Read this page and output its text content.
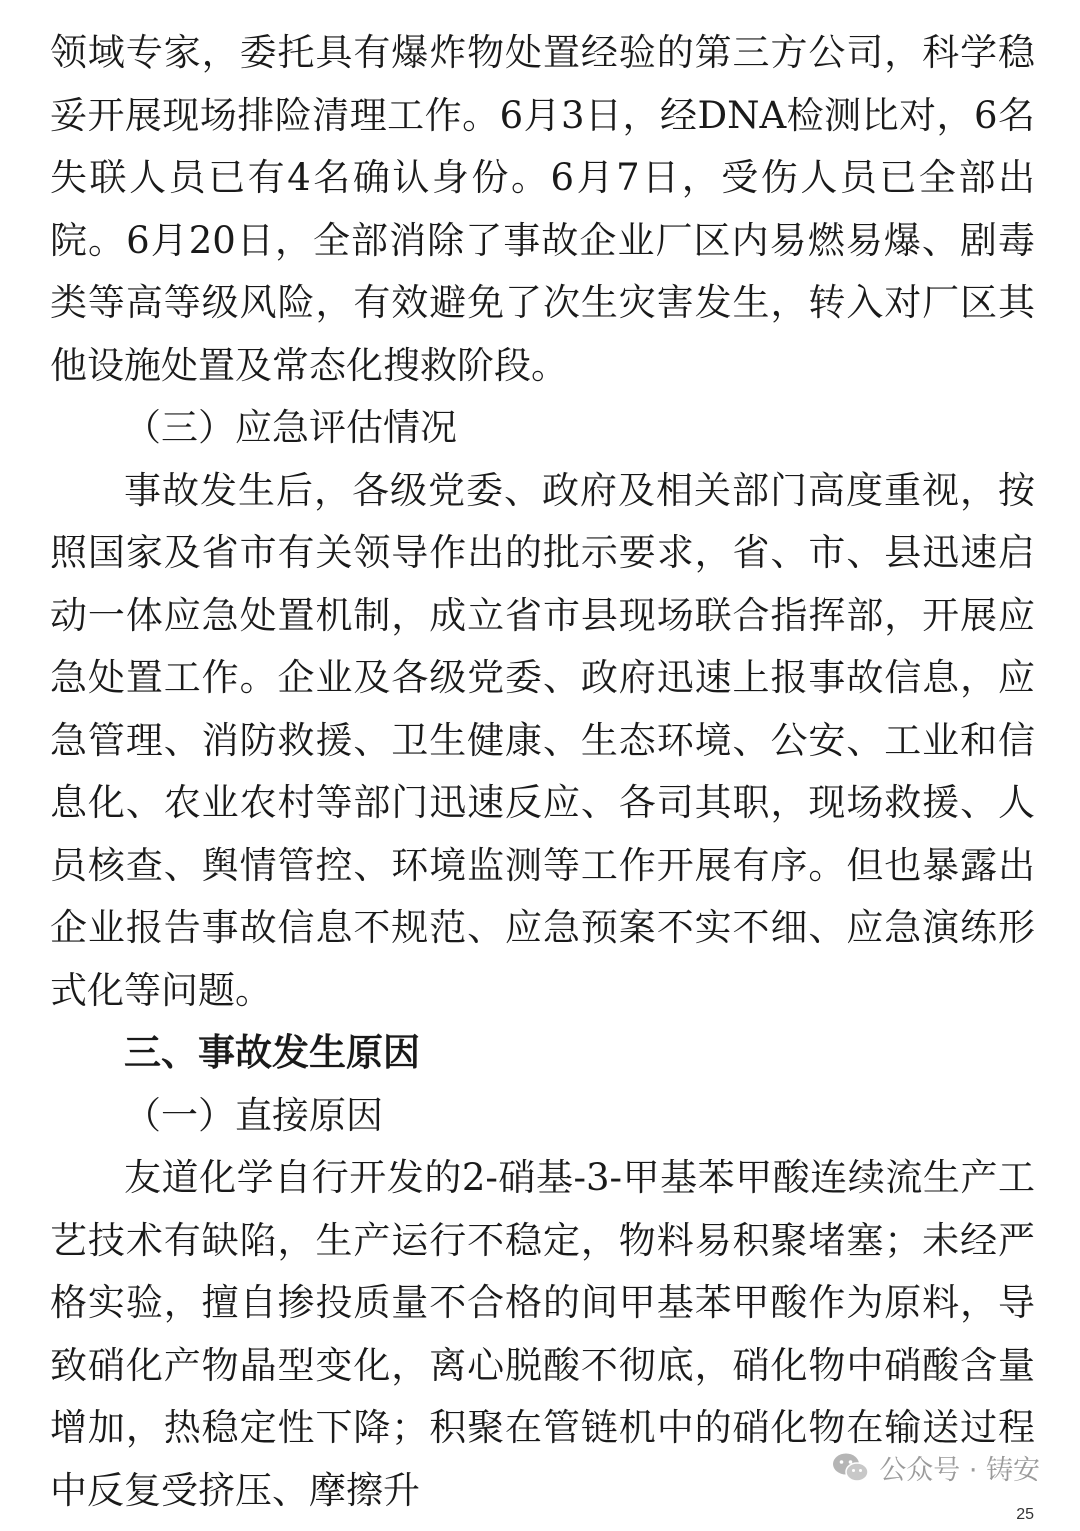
领域专家，委托具有爆炸物处置经验的第三方公司，科学稳妥开展现场排险清理工作。6月3日，经DNA检测比对，6名失联人员已有4名确认身份。6月7日，受伤人员已全部出院。6月20日，全部消除了事故企业厂区内易燃易爆、剧毒类等高等级风险，有效避免了次生灾害发生，转入对厂区其他设施处置及常态化搜救阶段。

（三）应急评估情况

事故发生后，各级党委、政府及相关部门高度重视，按照国家及省市有关领导作出的批示要求，省、市、县迅速启动一体应急处置机制，成立省市县现场联合指挥部，开展应急处置工作。企业及各级党委、政府迅速上报事故信息，应急管理、消防救援、卫生健康、生态环境、公安、工业和信息化、农业农村等部门迅速反应、各司其职，现场救援、人员核查、舆情管控、环境监测等工作开展有序。但也暴露出企业报告事故信息不规范、应急预案不实不细、应急演练形式化等问题。

三、事故发生原因

（一）直接原因

友道化学自行开发的2-硝基-3-甲基苯甲酸连续流生产工艺技术有缺陷，生产运行不稳定，物料易积聚堵塞；未经严格实验，擅自掺投质量不合格的间甲基苯甲酸作为原料，导致硝化产物晶型变化，离心脱酸不彻底，硝化物中硝酸含量增加，热稳定性下降；积聚在管链机中的硝化物在输送过程中反复受挤压、摩擦升	公众号 · 铸安
25
